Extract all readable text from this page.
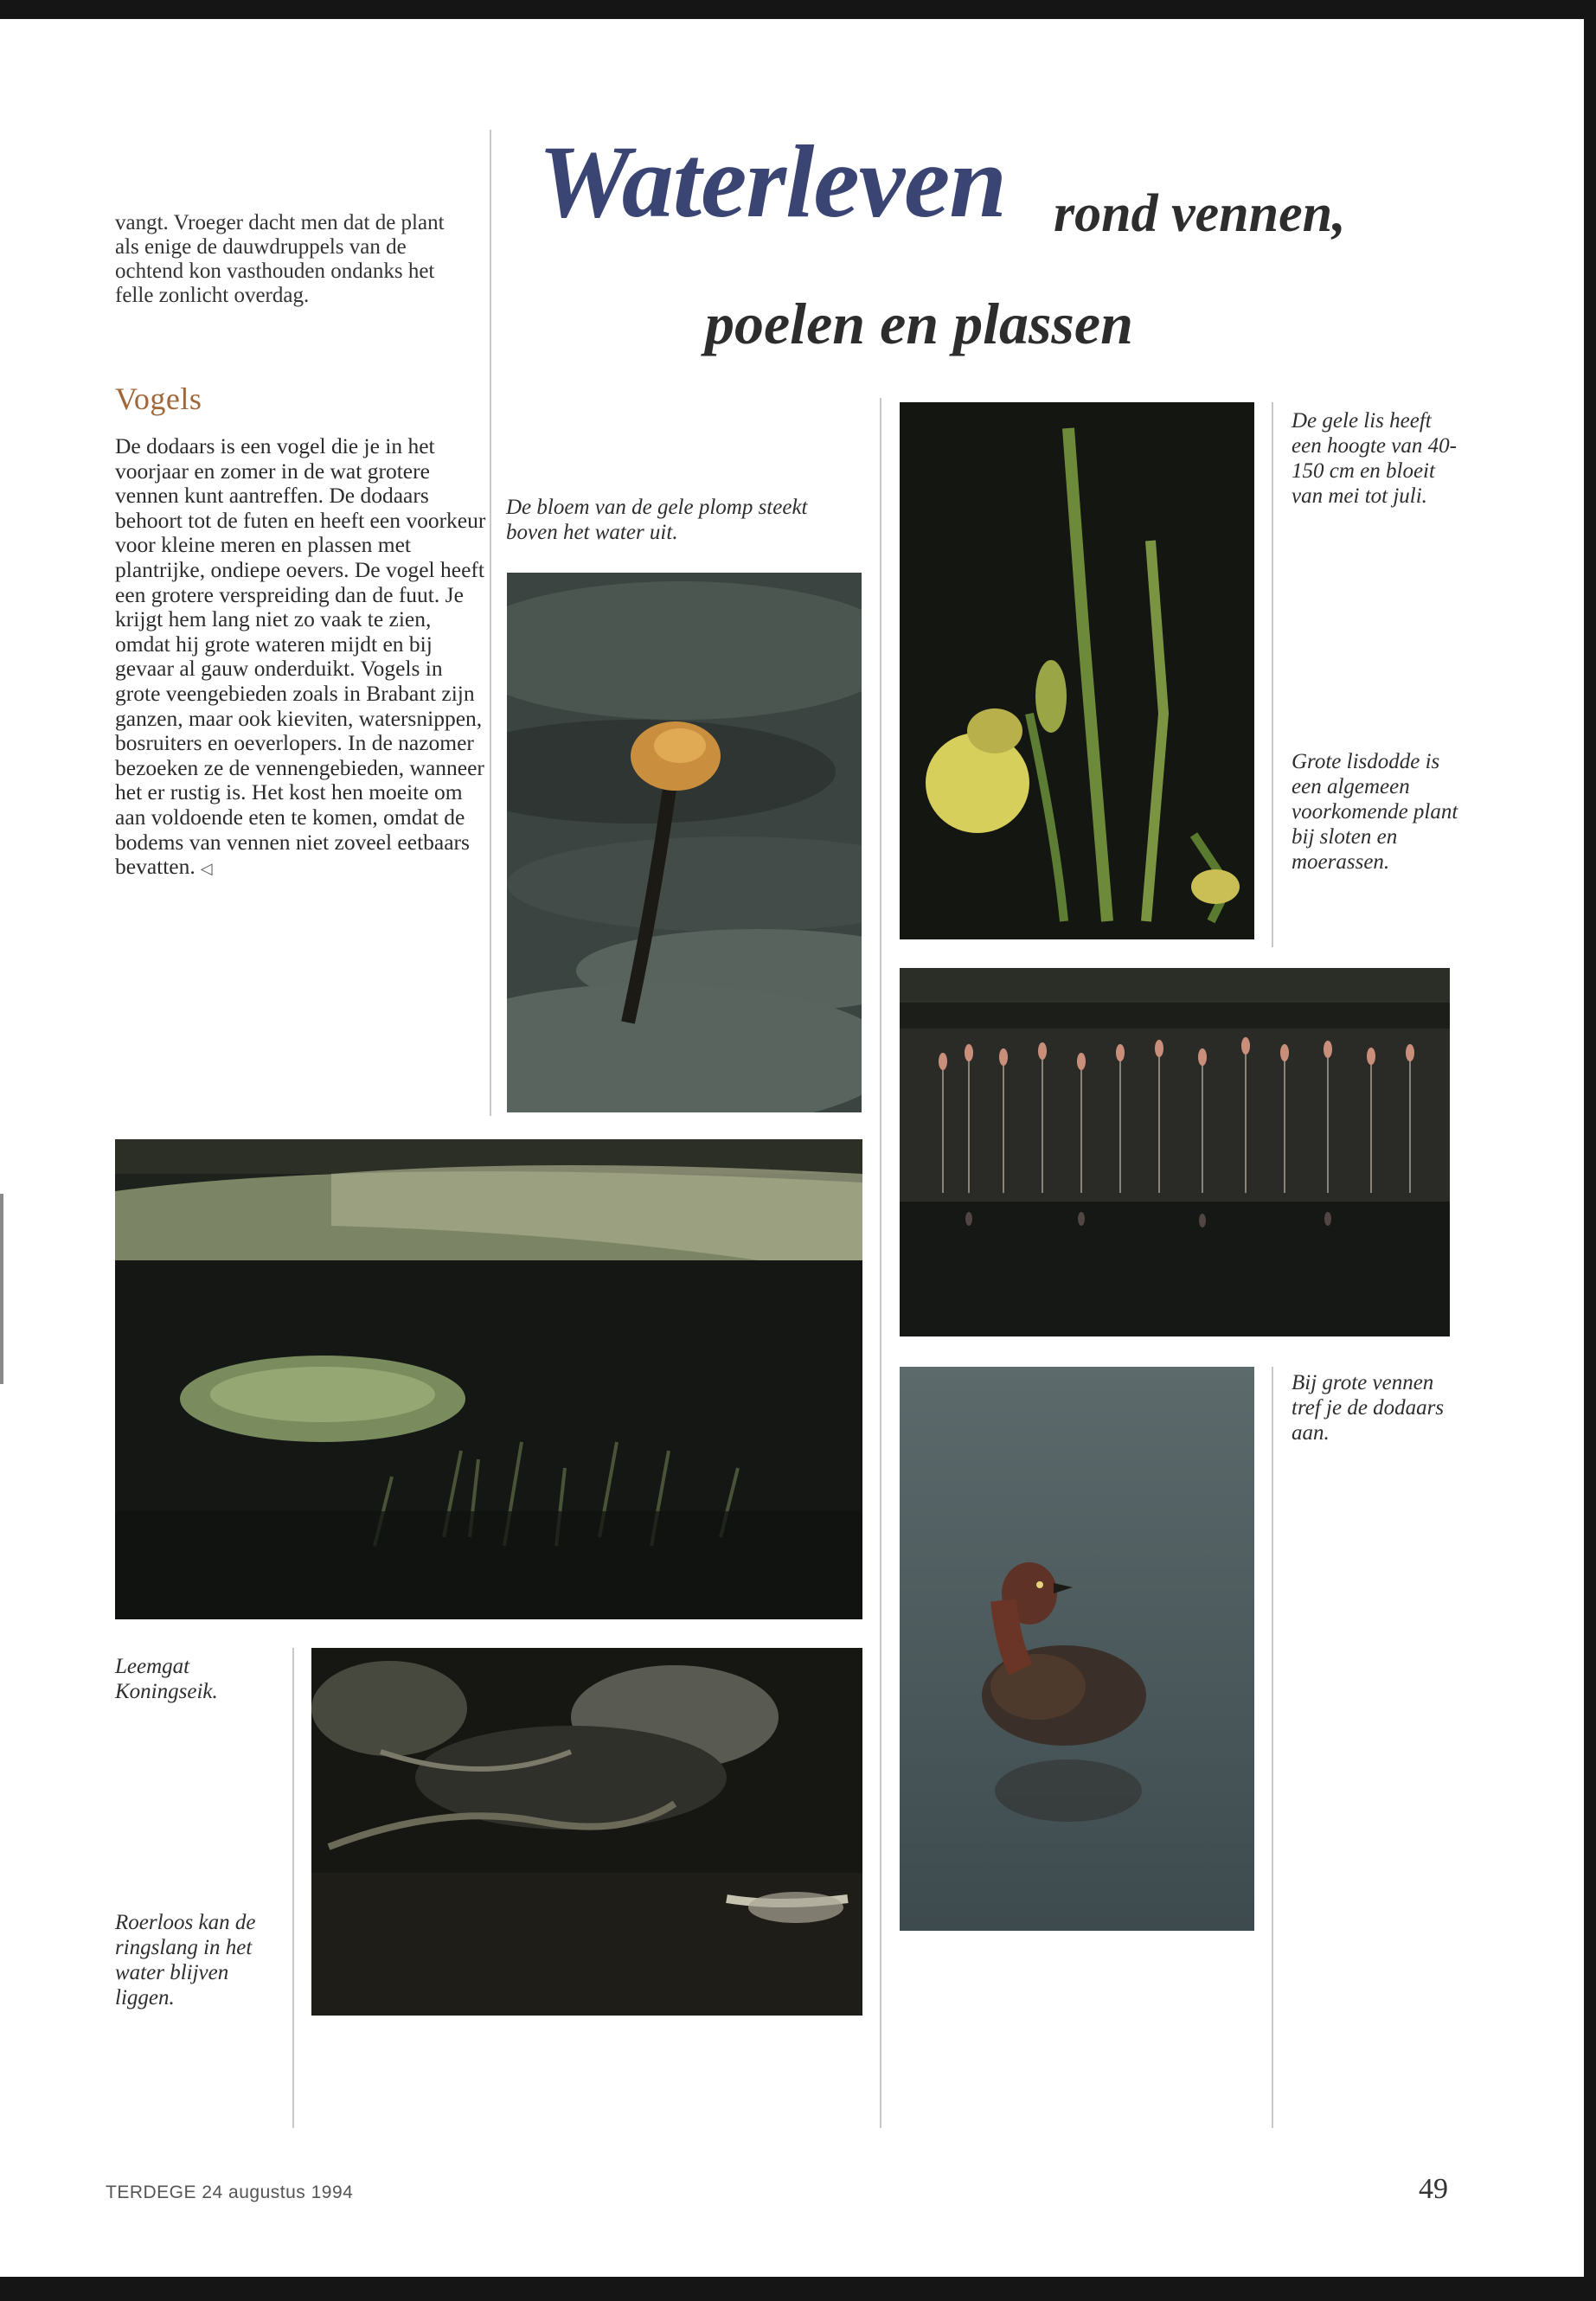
vangt. Vroeger dacht men dat de plant als enige de dauwdruppels van de ochtend kon vasthouden ondanks het felle zonlicht overdag.

Vogels

De dodaars is een vogel die je in het voorjaar en zomer in de wat grotere vennen kunt aantreffen. De dodaars behoort tot de futen en heeft een voorkeur voor kleine meren en plassen met plantrijke, ondiepe oevers. De vogel heeft een grotere verspreiding dan de fuut. Je krijgt hem lang niet zo vaak te zien, omdat hij grote wateren mijdt en bij gevaar al gauw onderduikt. Vogels in grote veengebieden zoals in Brabant zijn ganzen, maar ook kieviten, watersnippen, bosruiters en oeverlopers. In de nazomer bezoeken ze de vennengebieden, wanneer het er rustig is. Het kost hen moeite om aan voldoende eten te komen, omdat de bodems van vennen niet zoveel eetbaars bevatten. ◁

Waterleven rond vennen,
poelen en plassen

De bloem van de gele plomp steekt boven het water uit.

De gele lis heeft een hoogte van 40-150 cm en bloeit van mei tot juli.

Grote lisdodde is een algemeen voorkomende plant bij sloten en moerassen.

Bij grote vennen tref je de dodaars aan.

Leemgat Koningseik.

Roerloos kan de ringslang in het water blijven liggen.

TERDEGE 24 augustus 1994	49
